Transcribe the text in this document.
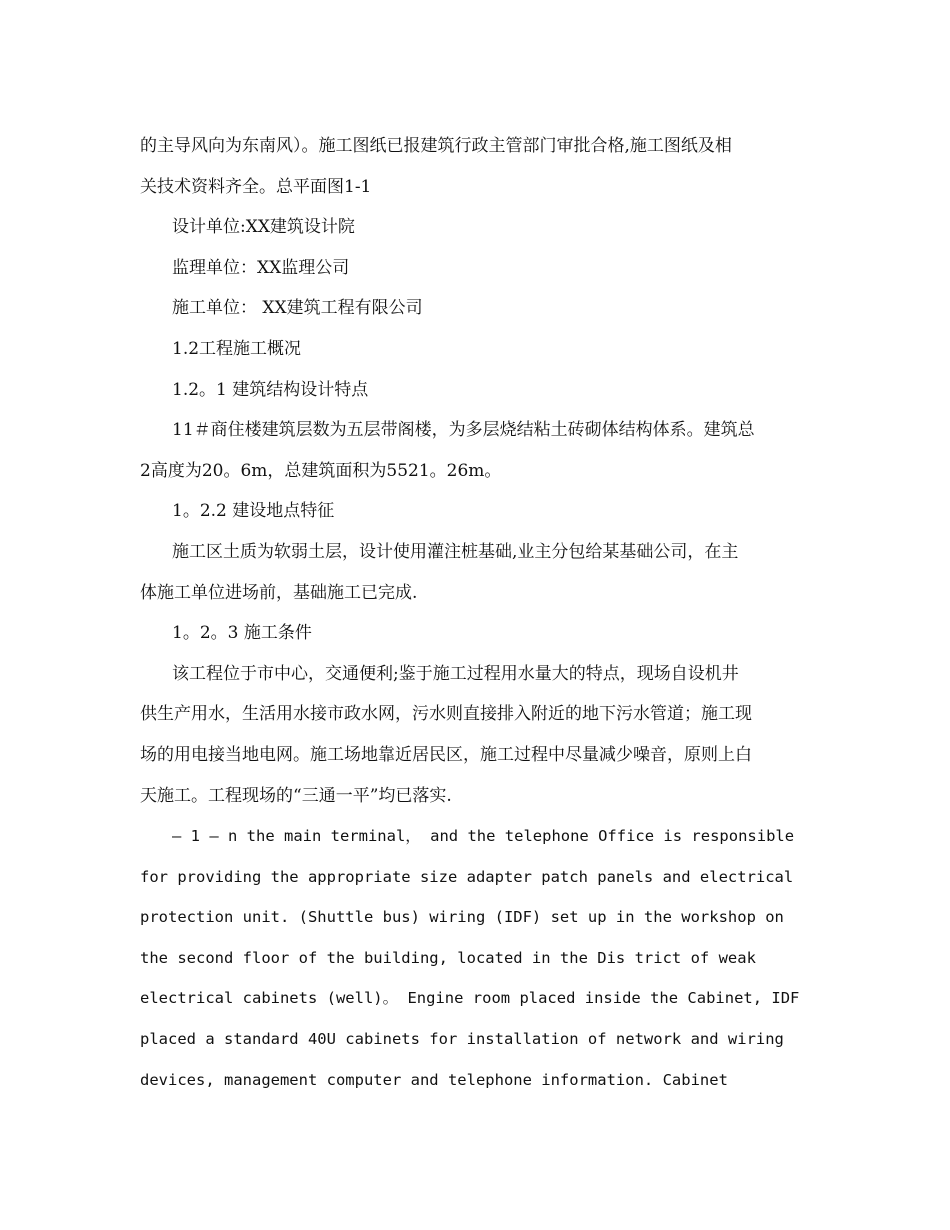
的主导风向为东南风）。施工图纸已报建筑行政主管部门审批合格,施工图纸及相
关技术资料齐全。总平面图1-1
设计单位:XX建筑设计院
监理单位：XX监理公司
施工单位： XX建筑工程有限公司
1.2工程施工概况
1.2。1 建筑结构设计特点
11＃商住楼建筑层数为五层带阁楼，为多层烧结粘土砖砌体结构体系。建筑总
2高度为20。6m，总建筑面积为5521。26m。
1。2.2 建设地点特征
施工区土质为软弱土层，设计使用灌注桩基础,业主分包给某基础公司，在主
体施工单位进场前，基础施工已完成.
1。2。3 施工条件
该工程位于市中心，交通便利;鉴于施工过程用水量大的特点，现场自设机井
供生产用水，生活用水接市政水网，污水则直接排入附近的地下污水管道；施工现
场的用电接当地电网。施工场地靠近居民区，施工过程中尽量减少噪音，原则上白
天施工。工程现场的“三通一平”均已落实.
— 1 – n the main terminal， and the telephone Office is responsible
for providing the appropriate size adapter patch panels and electrical
protection unit. (Shuttle bus) wiring (IDF) set up in the workshop on
the second floor of the building, located in the Dis trict of weak
electrical cabinets (well)。 Engine room placed inside the Cabinet, IDF
placed a standard 40U cabinets for installation of network and wiring
devices, management computer and telephone information. Cabinet
